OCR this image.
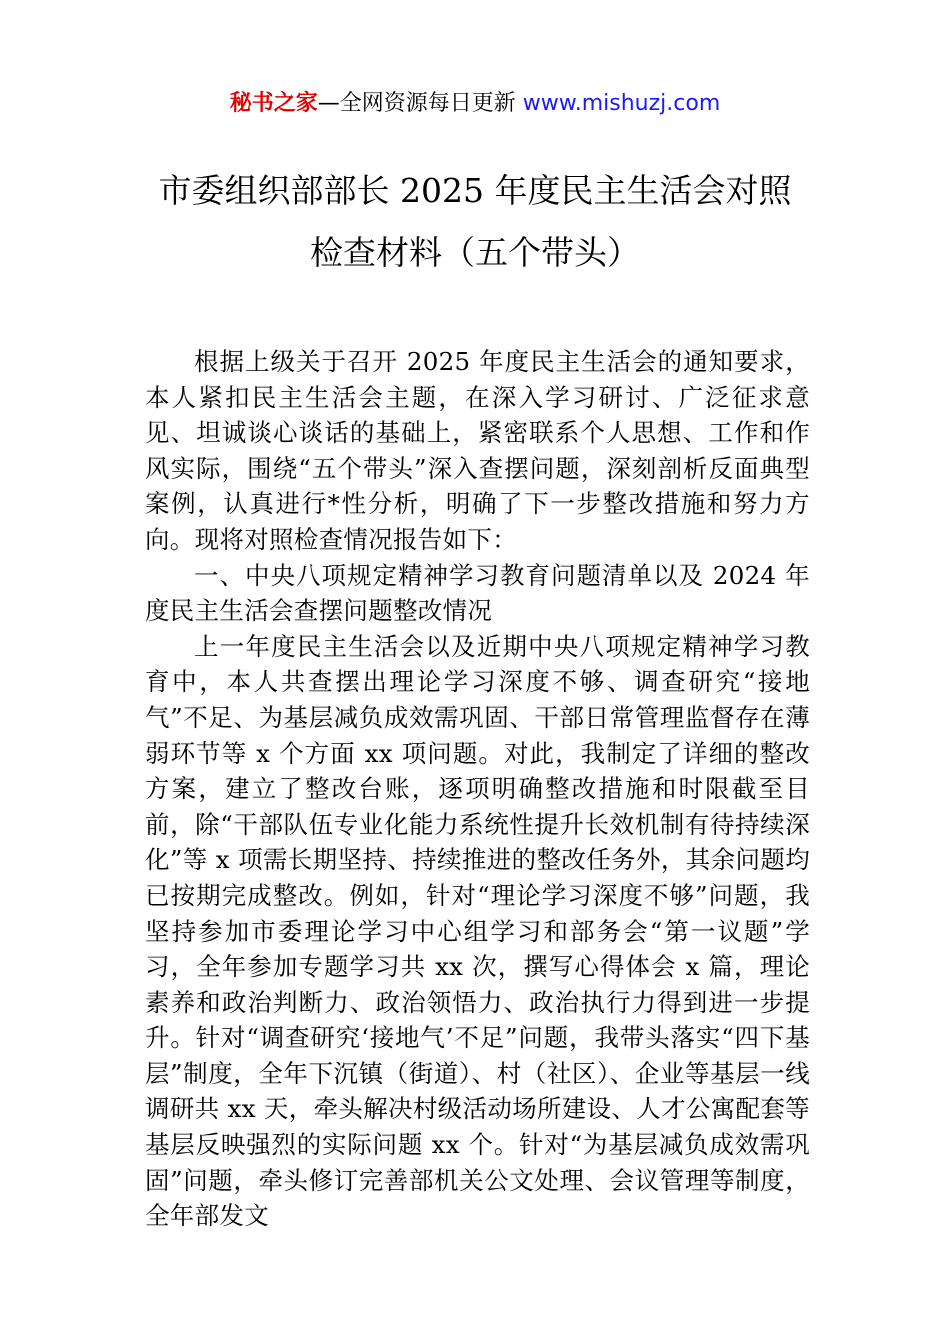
秘书之家—全网资源每日更新 www.mishuzj.com
市委组织部部长 2025 年度民主生活会对照
检查材料（五个带头）

根据上级关于召开 2025 年度民主生活会的通知要求，本人紧扣民主生活会主题，在深入学习研讨、广泛征求意见、坦诚谈心谈话的基础上，紧密联系个人思想、工作和作风实际，围绕“五个带头”深入查摆问题，深刻剖析反面典型案例，认真进行*性分析，明确了下一步整改措施和努力方向。现将对照检查情况报告如下：

一、中央八项规定精神学习教育问题清单以及 2024 年度民主生活会查摆问题整改情况

上一年度民主生活会以及近期中央八项规定精神学习教育中，本人共查摆出理论学习深度不够、调查研究“接地气”不足、为基层减负成效需巩固、干部日常管理监督存在薄弱环节等 x 个方面 xx 项问题。对此，我制定了详细的整改方案，建立了整改台账，逐项明确整改措施和时限截至目前，除“干部队伍专业化能力系统性提升长效机制有待持续深化”等 x 项需长期坚持、持续推进的整改任务外，其余问题均已按期完成整改。例如，针对“理论学习深度不够”问题，我坚持参加市委理论学习中心组学习和部务会“第一议题”学习，全年参加专题学习共 xx 次，撰写心得体会 x 篇，理论素养和政治判断力、政治领悟力、政治执行力得到进一步提升。针对“调查研究‘接地气’不足”问题，我带头落实“四下基层”制度，全年下沉镇（街道）、村（社区）、企业等基层一线调研共 xx 天，牵头解决村级活动场所建设、人才公寓配套等基层反映强烈的实际问题 xx 个。针对“为基层减负成效需巩固”问题，牵头修订完善部机关公文处理、会议管理等制度，全年部发文
